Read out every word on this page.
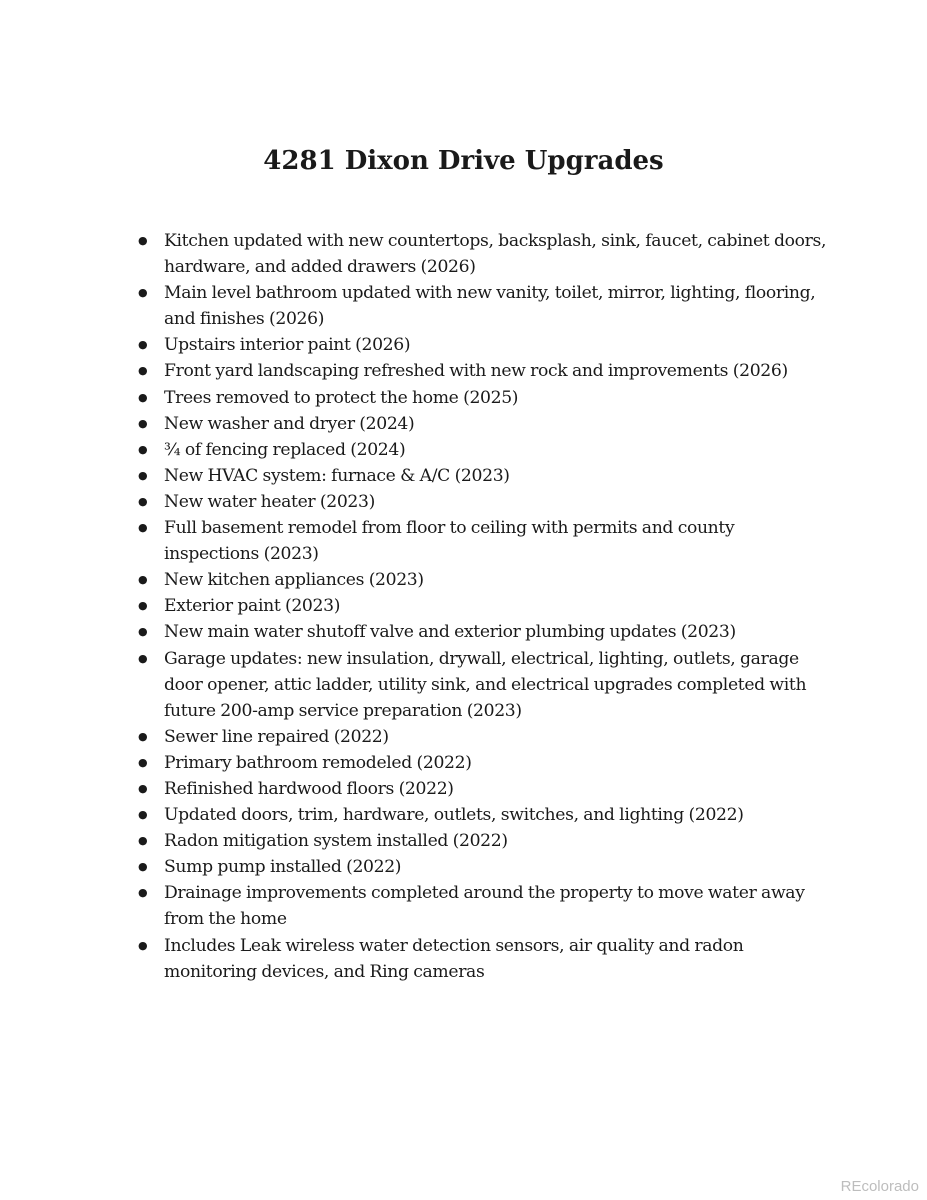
4281 Dixon Drive Upgrades
● Kitchen updated with new countertops, backsplash, sink, faucet, cabinet doors, hardware, and added drawers (2026)
● Main level bathroom updated with new vanity, toilet, mirror, lighting, flooring, and finishes (2026)
● Upstairs interior paint (2026)
● Front yard landscaping refreshed with new rock and improvements (2026)
● Trees removed to protect the home (2025)
● New washer and dryer (2024)
● ¾ of fencing replaced (2024)
● New HVAC system: furnace & A/C (2023)
● New water heater (2023)
● Full basement remodel from floor to ceiling with permits and county inspections (2023)
● New kitchen appliances (2023)
● Exterior paint (2023)
● New main water shutoff valve and exterior plumbing updates (2023)
● Garage updates: new insulation, drywall, electrical, lighting, outlets, garage door opener, attic ladder, utility sink, and electrical upgrades completed with future 200-amp service preparation (2023)
● Sewer line repaired (2022)
● Primary bathroom remodeled (2022)
● Refinished hardwood floors (2022)
● Updated doors, trim, hardware, outlets, switches, and lighting (2022)
● Radon mitigation system installed (2022)
● Sump pump installed (2022)
● Drainage improvements completed around the property to move water away from the home
● Includes Leak wireless water detection sensors, air quality and radon monitoring devices, and Ring cameras
REcolorado
